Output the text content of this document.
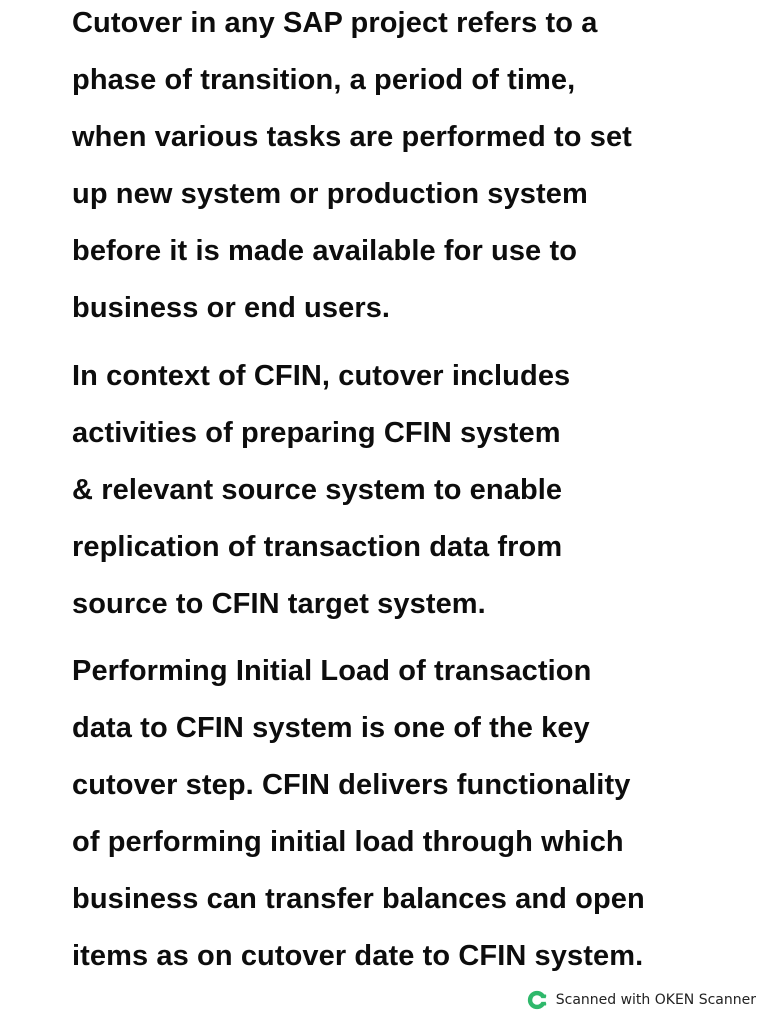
Cutover in any SAP project refers to a
phase of transition, a period of time,
when various tasks are performed to set
up new system or production system
before it is made available for use to
business or end users.
In context of CFIN, cutover includes
activities of preparing CFIN system
& relevant source system to enable
replication of transaction data from
source to CFIN target system.
Performing Initial Load of transaction
data to CFIN system is one of the key
cutover step. CFIN delivers functionality
of performing initial load through which
business can transfer balances and open
items as on cutover date to CFIN system.
Scanned with OKEN Scanner
